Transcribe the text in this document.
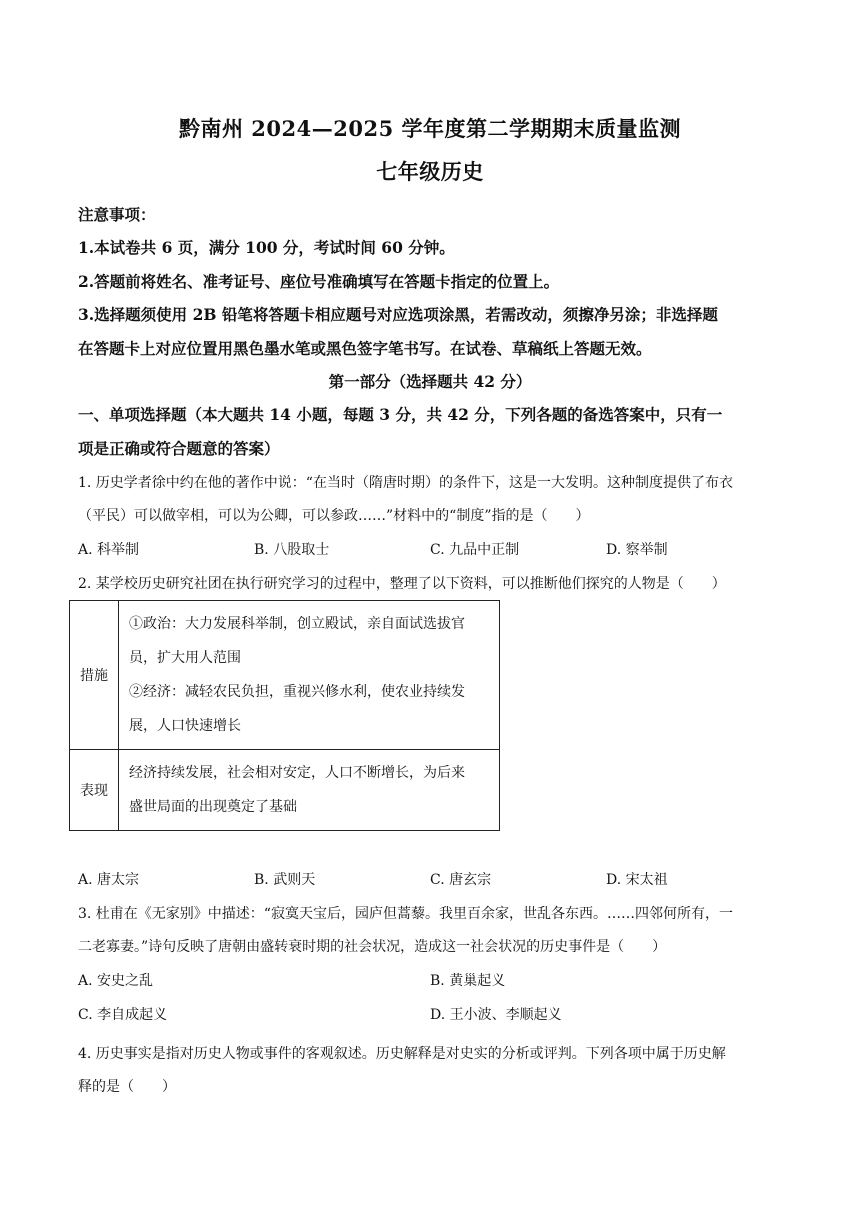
黔南州 2024—2025 学年度第二学期期末质量监测
七年级历史
注意事项：
1.本试卷共 6 页，满分 100 分，考试时间 60 分钟。
2.答题前将姓名、准考证号、座位号准确填写在答题卡指定的位置上。
3.选择题须使用 2B 铅笔将答题卡相应题号对应选项涂黑，若需改动，须擦净另涂；非选择题
在答题卡上对应位置用黑色墨水笔或黑色签字笔书写。在试卷、草稿纸上答题无效。
第一部分（选择题共 42 分）
一、单项选择题（本大题共 14 小题，每题 3 分，共 42 分，下列各题的备选答案中，只有一
项是正确或符合题意的答案）
1. 历史学者徐中约在他的著作中说：“在当时（隋唐时期）的条件下，这是一大发明。这种制度提供了布衣
（平民）可以做宰相，可以为公卿，可以参政……”材料中的“制度”指的是（　　）
A. 科举制	B. 八股取士	C. 九品中正制	D. 察举制
2. 某学校历史研究社团在执行研究学习的过程中，整理了以下资料，可以推断他们探究的人物是（　　）
措施	①政治：大力发展科举制，创立殿试，亲自面试选拔官
员，扩大用人范围
②经济：减轻农民负担，重视兴修水利，使农业持续发
展，人口快速增长

表现	经济持续发展，社会相对安定，人口不断增长，为后来
盛世局面的出现奠定了基础
A. 唐太宗	B. 武则天	C. 唐玄宗	D. 宋太祖
3. 杜甫在《无家别》中描述：“寂寞天宝后，园庐但蒿藜。我里百余家，世乱各东西。……四邻何所有，一
二老寡妻。”诗句反映了唐朝由盛转衰时期的社会状况，造成这一社会状况的历史事件是（　　）
A. 安史之乱	B. 黄巢起义
C. 李自成起义	D. 王小波、李顺起义
4. 历史事实是指对历史人物或事件的客观叙述。历史解释是对史实的分析或评判。下列各项中属于历史解
释的是（　　）
